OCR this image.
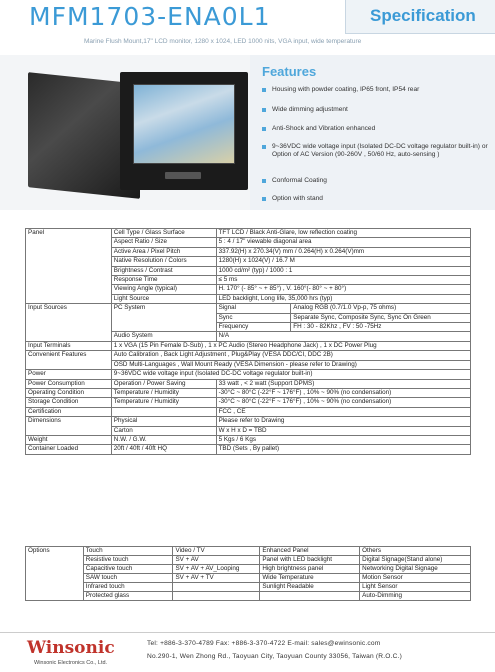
MFM1703-ENA0L1	Specification
Marine Flush Mount,17" LCD monitor, 1280 x 1024, LED 1000 nits, VGA input, wide temperature
Features
Housing with powder coating, IP65 front, IP54 rear
Wide dimming adjustment
Anti-Shock and Vibration enhanced
9~36VDC wide voltage input (Isolated DC-DC voltage regulator built-in) or Option of AC Version (90-260V , 50/60 Hz, auto-sensing )
Conformal Coating
Option with stand
Panel	Cell Type / Glass Surface	TFT LCD / Black Anti-Glare, low reflection coating	
	Aspect Ratio / Size	5 : 4 / 17" viewable diagonal area	
	Active Area / Pixel Pitch	337.92(H) x 270.34(V) mm / 0.264(H) x 0.264(V)mm	
	Native Resolution / Colors	1280(H) x 1024(V) / 16.7 M	
	Brightness / Contrast	1000 cd/m² (typ) / 1000 : 1	
	Response Time	≤ 5 ms	
	Viewing Angle (typical)	H. 170° (- 85° ~ + 85°) , V. 160°(- 80° ~ + 80°)	
	Light Source	LED backlight, Long life, 35,000 hrs (typ)	
Input Sources	PC System	Signal	Analog RGB (0.7/1.0 Vp-p, 75 ohms)
		Sync	Separate Sync, Composite Sync, Sync On Green
		Frequency	FH : 30 - 82Khz , FV : 50 -75Hz
	Audio System	N/A	
Input Terminals	1 x VGA (15 Pin Female D-Sub) , 1 x PC Audio (Stereo Headphone Jack) , 1 x DC Power Plug		
Convenient Features	Auto Calibration , Back Light Adjustment , Plug&Play (VESA DDC/CI, DDC 2B)		
	OSD Multi-Languages , Wall Mount Ready (VESA Dimension - please refer to Drawing)		
Power	9~36VDC wide voltage input (Isolated DC-DC voltage regulator built-in)		
Power Consumption	Operation / Power Saving	33 watt , < 2 watt (Support DPMS)	
Operating Condition	Temperature / Humidity	-30°C ~ 80°C (-22°F ~ 176°F) , 10% ~ 90% (no condensation)	
Storage Condition	Temperature / Humidity	-30°C ~ 80°C (-22°F ~ 176°F) , 10% ~ 90% (no condensation)	
Certification		FCC , CE	
Dimensions	Physical	Please refer to Drawing	
	Carton	W x H x D = TBD	
Weight	N.W. / G.W.	5 Kgs / 6 Kgs	
Container Loaded	20ft / 40ft / 40ft HQ	TBD (Sets , By pallet)	
Options	Touch	Video / TV	Enhanced Panel	Others
	Resistive touch	SV + AV	Panel with LED backlight	Digital Signage(Stand alone)
	Capacitive touch	SV + AV + AV_Looping	High brightness panel	Networking Digital Signage
	SAW touch	SV + AV + TV	Wide Temperature	Motion Sensor
	Infrared touch		Sunlight Readable	Light Sensor
	Protected glass			Auto-Dimming
Winsonic
Winsonic Electronics Co., Ltd.
Tel: +886-3-370-4789 Fax: +886-3-370-4722 E-mail: sales@ewinsonic.com
No.290-1, Wen Zhong Rd., Taoyuan City, Taoyuan County 33056, Taiwan (R.O.C.)
